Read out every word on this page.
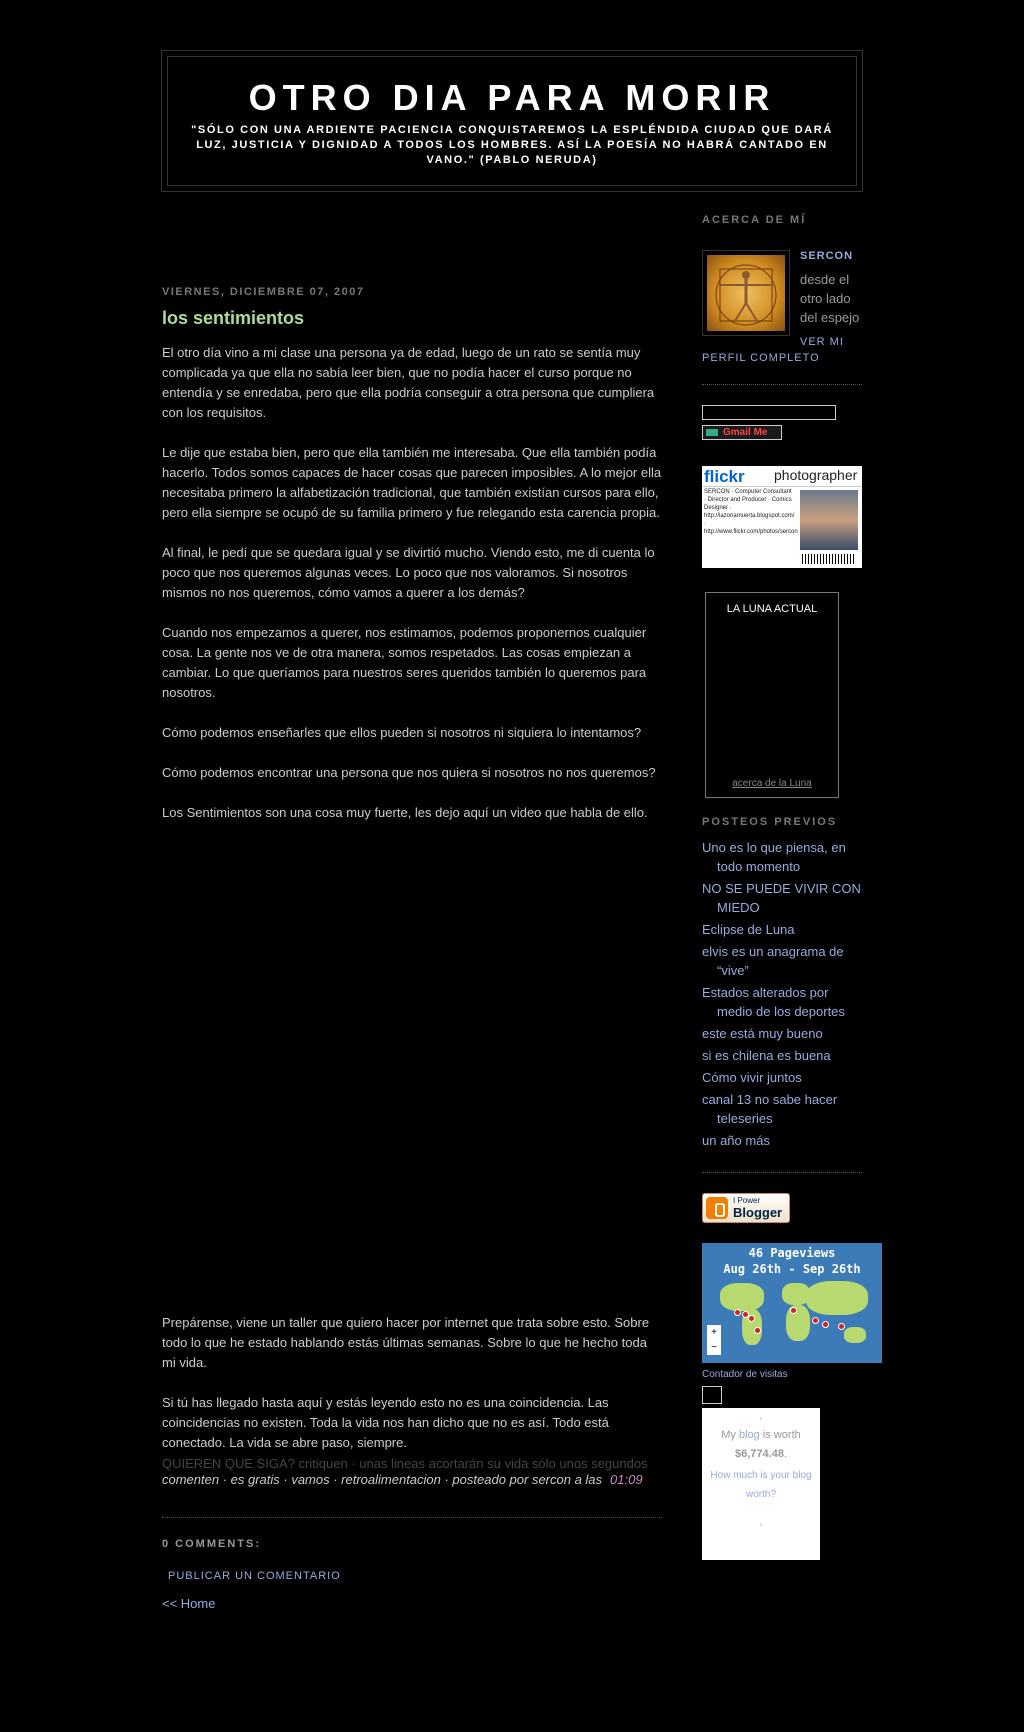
OTRO DIA PARA MORIR
"SÓLO CON UNA ARDIENTE PACIENCIA CONQUISTAREMOS LA ESPLÉNDIDA CIUDAD QUE DARÁ LUZ, JUSTICIA Y DIGNIDAD A TODOS LOS HOMBRES. ASÍ LA POESÍA NO HABRÁ CANTADO EN VANO." (PABLO NERUDA)
VIERNES, DICIEMBRE 07, 2007
los sentimientos

El otro día vino a mi clase una persona ya de edad, luego de un rato se sentía muy complicada ya que ella no sabía leer bien, que no podía hacer el curso porque no entendía y se enredaba, pero que ella podría conseguir a otra persona que cumpliera con los requisitos.

Le dije que estaba bien, pero que ella también me interesaba. Que ella también podía hacerlo. Todos somos capaces de hacer cosas que parecen imposibles. A lo mejor ella necesitaba primero la alfabetización tradicional, que también existían cursos para ello, pero ella siempre se ocupó de su familia primero y fue relegando esta carencia propia.

Al final, le pedí que se quedara igual y se divirtió mucho. Viendo esto, me di cuenta lo poco que nos queremos algunas veces. Lo poco que nos valoramos. Si nosotros mismos no nos queremos, cómo vamos a querer a los demás?

Cuando nos empezamos a querer, nos estimamos, podemos proponernos cualquier cosa. La gente nos ve de otra manera, somos respetados. Las cosas empiezan a cambiar. Lo que queríamos para nuestros seres queridos también lo queremos para nosotros.

Cómo podemos enseñarles que ellos pueden si nosotros ni siquiera lo intentamos?

Cómo podemos encontrar una persona que nos quiera si nosotros no nos queremos?

Los Sentimientos son una cosa muy fuerte, les dejo aquí un video que habla de ello.

Prepárense, viene un taller que quiero hacer por internet que trata sobre esto. Sobre todo lo que he estado hablando estás últimas semanas. Sobre lo que he hecho toda mi vida.

Si tú has llegado hasta aquí y estás leyendo esto no es una coincidencia. Las coincidencias no existen. Toda la vida nos han dicho que no es así. Todo está conectado. La vida se abre paso, siempre.

QUIEREN QUE SIGA? critiquen · unas lineas acortarán su vida sólo unos segundos
comenten · es gratis · vamos · retroalimentacion · posteado por sercon a las 01:09
0 COMMENTS:
PUBLICAR UN COMENTARIO
<< Home
ACERCA DE MÍ
SERCON
desde el otro lado del espejo
VER MI PERFIL COMPLETO
Gmail Me
flickr photographer
SERCON · Computer Consultant · Director and Producer · Comics Designer · http://lazonamuerta.blogspot.com/ · http://www.flickr.com/photos/sercon
LA LUNA ACTUAL
acerca de la Luna
POSTEOS PREVIOS
Uno es lo que piensa, en todo momento
NO SE PUEDE VIVIR CON MIEDO
Eclipse de Luna
elvis es un anagrama de “vive”
Estados alterados por medio de los deportes
este está muy bueno
si es chilena es buena
Cómo vivir juntos
canal 13 no sabe hacer teleseries
un año más
I Power
Blogger
46 Pageviews
Aug 26th - Sep 26th
+
−
Contador de visitas
◦
My blog is worth
$6,774.48.
How much is your blog worth?
◦
